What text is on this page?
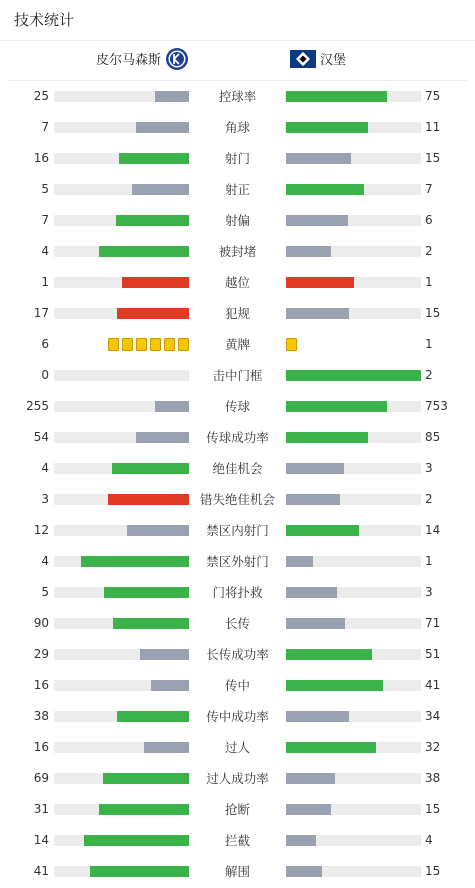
技术统计
皮尔马森斯	汉堡
25	控球率	75
7	角球	11
16	射门	15
5	射正	7
7	射偏	6
4	被封堵	2
1	越位	1
17	犯规	15
6	黄牌	1
0	击中门框	2
255	传球	753
54	传球成功率	85
4	绝佳机会	3
3	错失绝佳机会	2
12	禁区内射门	14
4	禁区外射门	1
5	门将扑救	3
90	长传	71
29	长传成功率	51
16	传中	41
38	传中成功率	34
16	过人	32
69	过人成功率	38
31	抢断	15
14	拦截	4
41	解围	15
